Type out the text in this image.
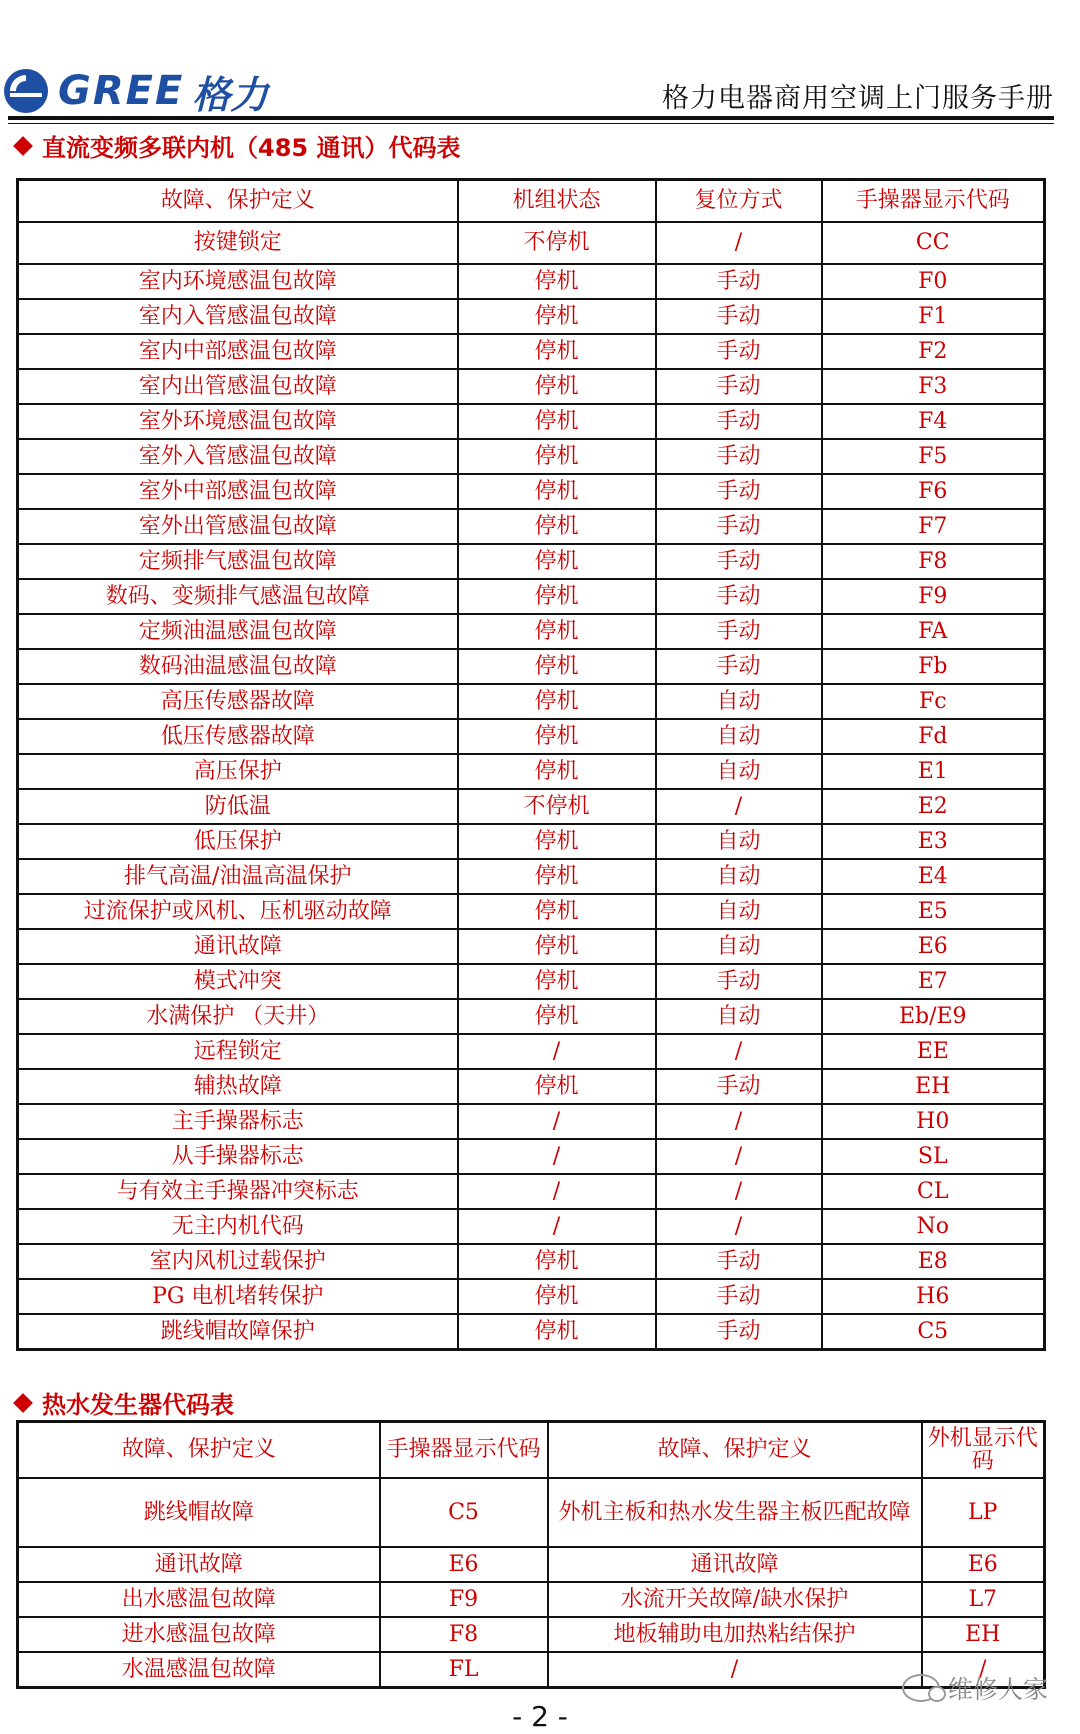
GREE 格力	格力电器商用空调上门服务手册
直流变频多联内机（485 通讯）代码表
故障、保护定义	机组状态	复位方式	手操器显示代码
按键锁定	不停机	/	CC
室内环境感温包故障	停机	手动	F0
室内入管感温包故障	停机	手动	F1
室内中部感温包故障	停机	手动	F2
室内出管感温包故障	停机	手动	F3
室外环境感温包故障	停机	手动	F4
室外入管感温包故障	停机	手动	F5
室外中部感温包故障	停机	手动	F6
室外出管感温包故障	停机	手动	F7
定频排气感温包故障	停机	手动	F8
数码、变频排气感温包故障	停机	手动	F9
定频油温感温包故障	停机	手动	FA
数码油温感温包故障	停机	手动	Fb
高压传感器故障	停机	自动	Fc
低压传感器故障	停机	自动	Fd
高压保护	停机	自动	E1
防低温	不停机	/	E2
低压保护	停机	自动	E3
排气高温/油温高温保护	停机	自动	E4
过流保护或风机、压机驱动故障	停机	自动	E5
通讯故障	停机	自动	E6
模式冲突	停机	手动	E7
水满保护 （天井）	停机	自动	Eb/E9
远程锁定	/	/	EE
辅热故障	停机	手动	EH
主手操器标志	/	/	H0
从手操器标志	/	/	SL
与有效主手操器冲突标志	/	/	CL
无主内机代码	/	/	No
室内风机过载保护	停机	手动	E8
PG 电机堵转保护	停机	手动	H6
跳线帽故障保护	停机	手动	C5
热水发生器代码表
故障、保护定义	手操器显示代码	故障、保护定义	外机显示代码
跳线帽故障	C5	外机主板和热水发生器主板匹配故障	LP
通讯故障	E6	通讯故障	E6
出水感温包故障	F9	水流开关故障/缺水保护	L7
进水感温包故障	F8	地板辅助电加热粘结保护	EH
水温感温包故障	FL	/	/
维修人家
- 2 -
